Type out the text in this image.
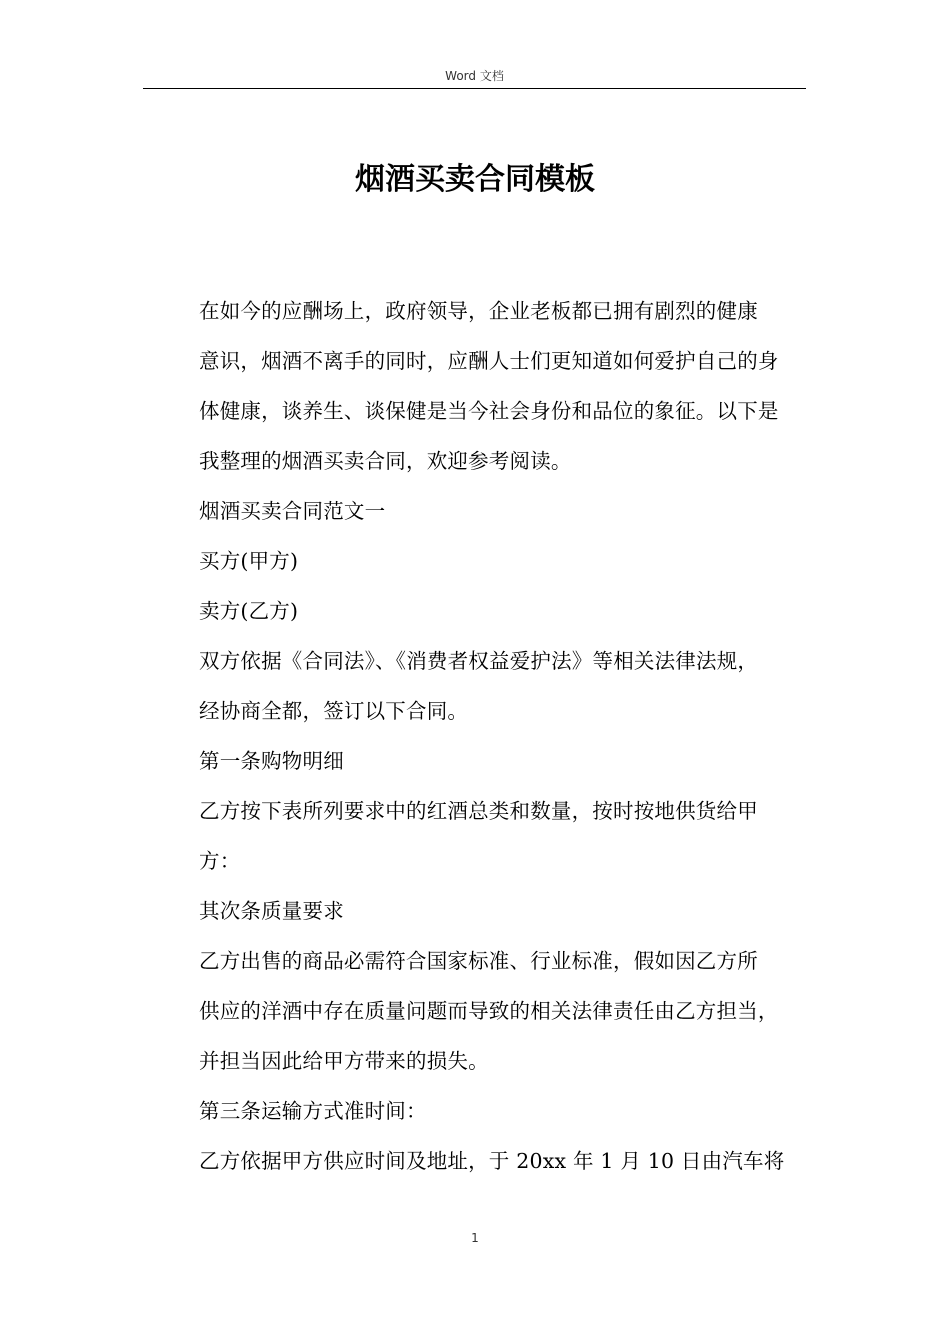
Word 文档
烟酒买卖合同模板

在如今的应酬场上，政府领导，企业老板都已拥有剧烈的健康
意识，烟酒不离手的同时，应酬人士们更知道如何爱护自己的身
体健康，谈养生、谈保健是当今社会身份和品位的象征。以下是
我整理的烟酒买卖合同，欢迎参考阅读。

烟酒买卖合同范文一

买方(甲方)

卖方(乙方)

双方依据《合同法》、《消费者权益爱护法》等相关法律法规，
经协商全都，签订以下合同。

第一条购物明细

乙方按下表所列要求中的红酒总类和数量，按时按地供货给甲
方：

其次条质量要求

乙方出售的商品必需符合国家标准、行业标准，假如因乙方所
供应的洋酒中存在质量问题而导致的相关法律责任由乙方担当，
并担当因此给甲方带来的损失。

第三条运输方式准时间：

乙方依据甲方供应时间及地址，于 20xx 年 1 月 10 日由汽车将

1
